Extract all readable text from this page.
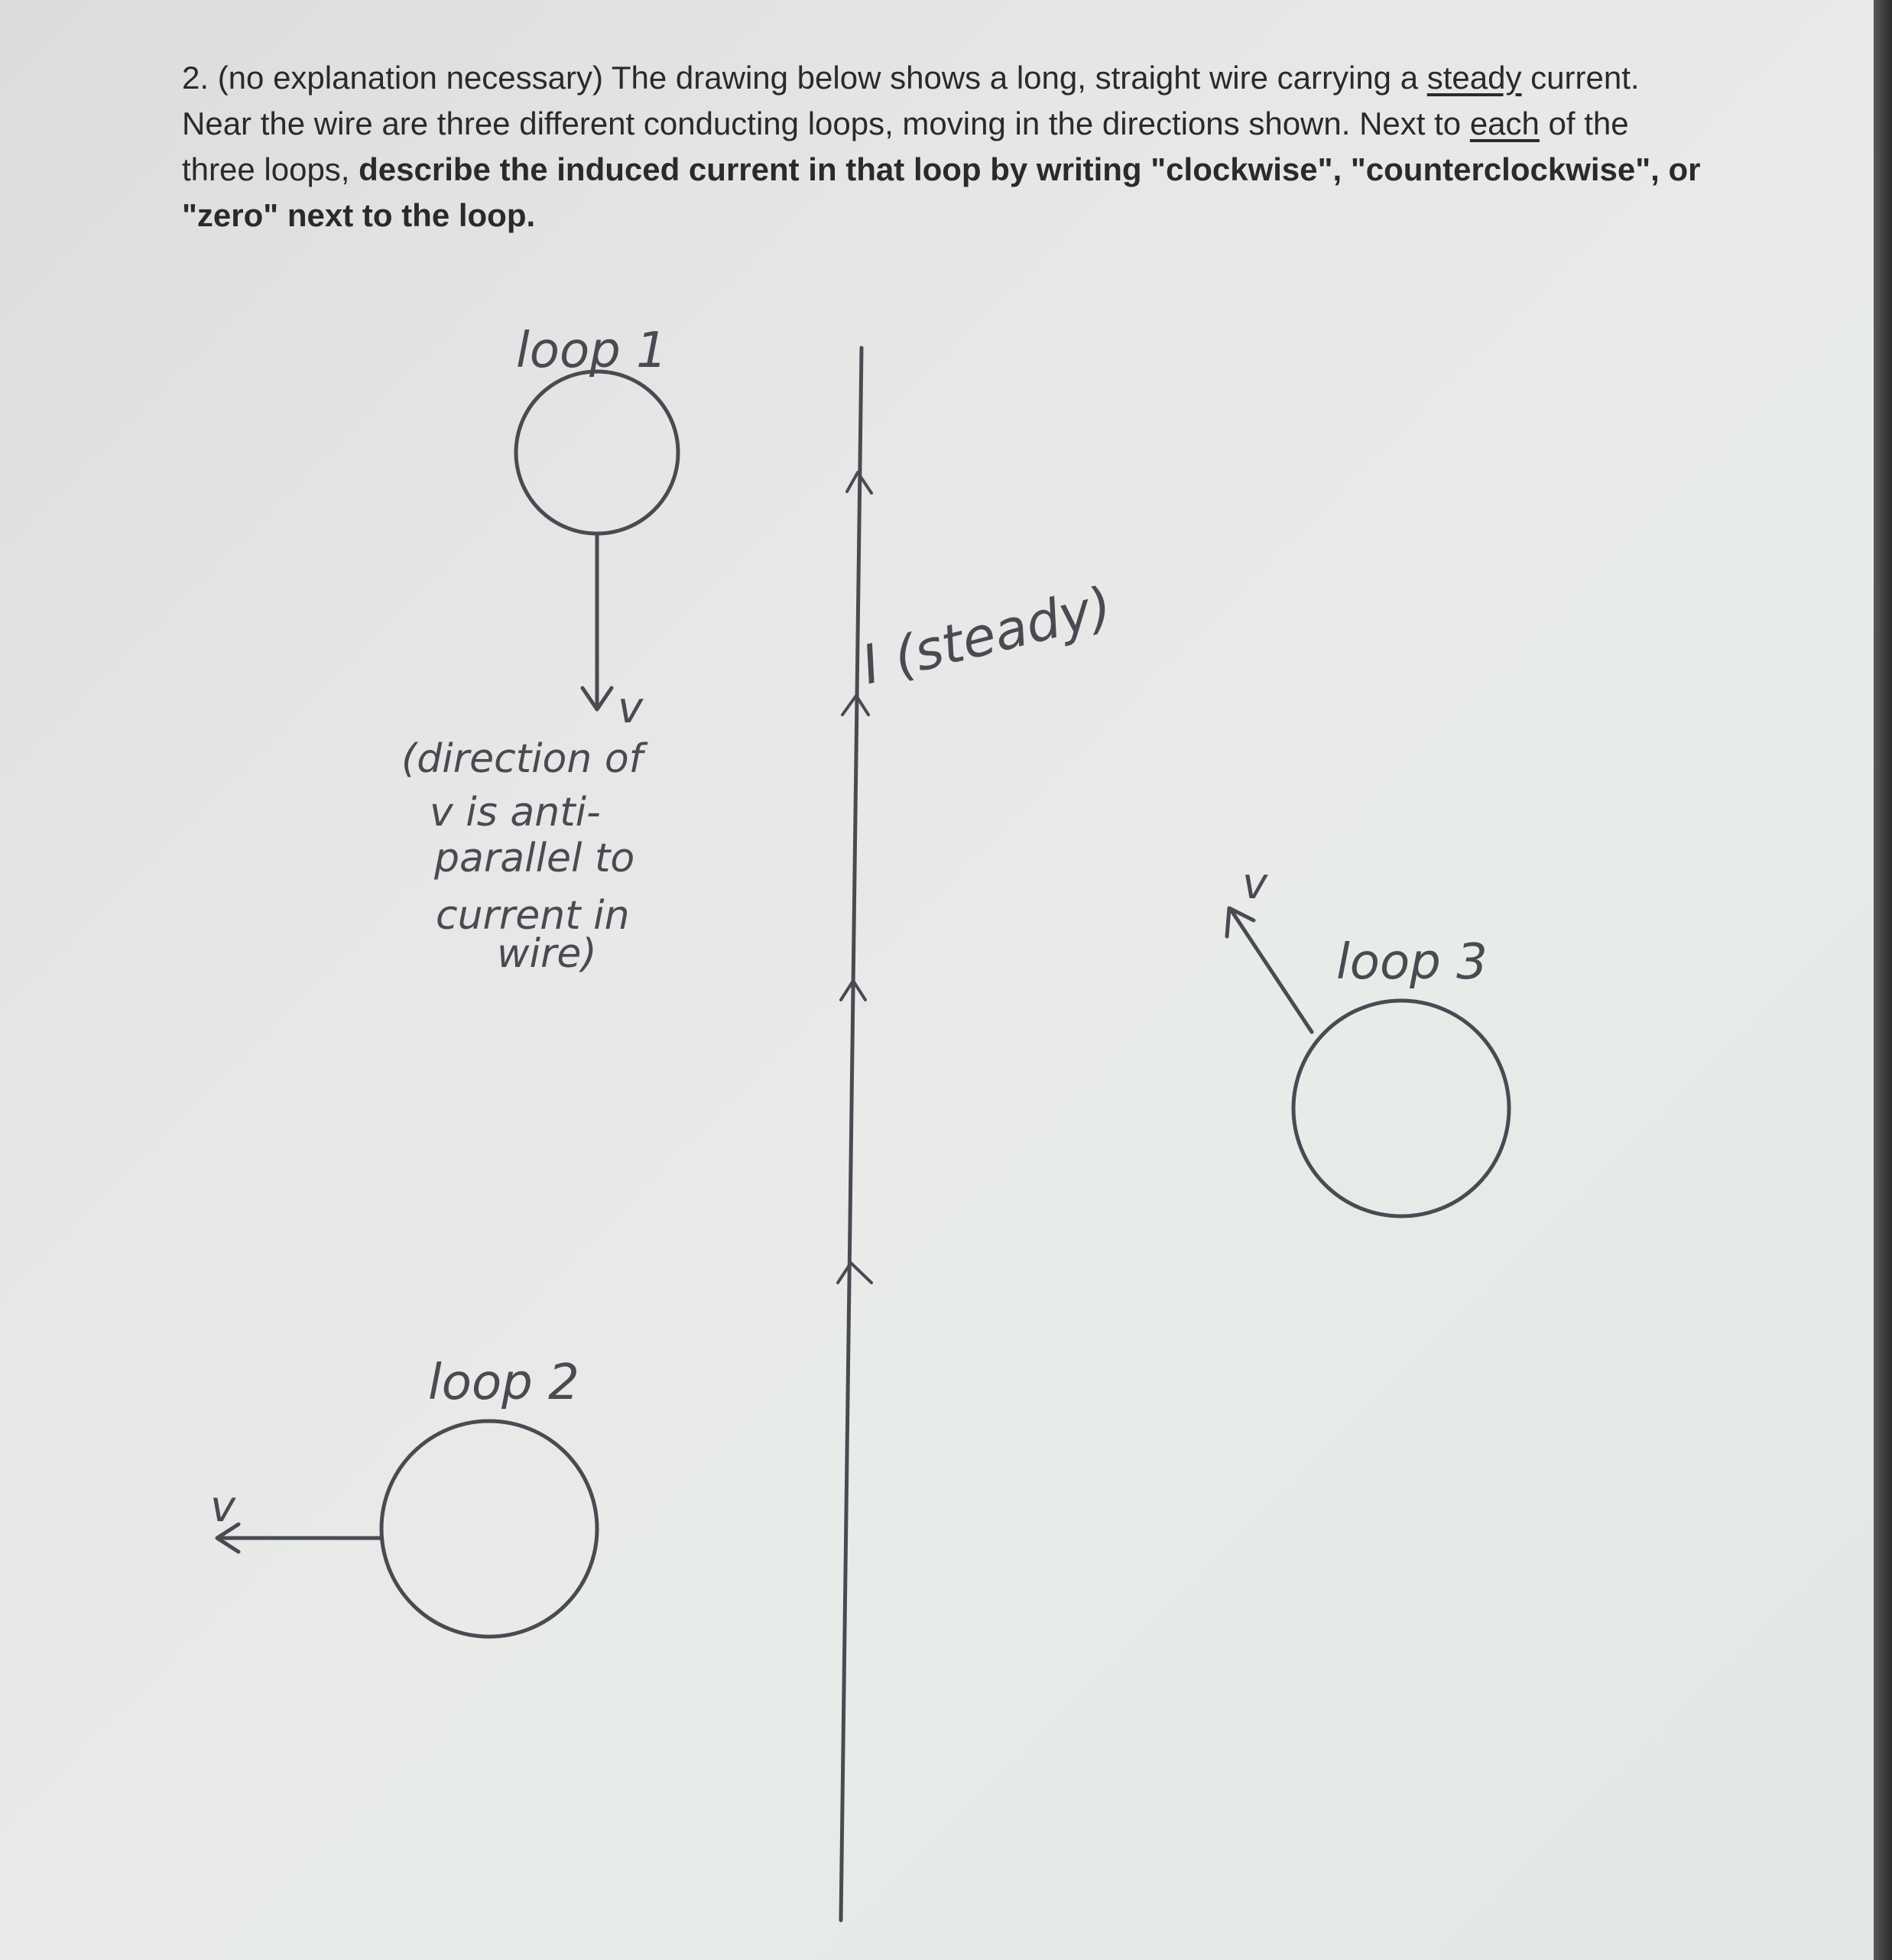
2. (no explanation necessary) The drawing below shows a long, straight wire carrying a steady current. Near the wire are three different conducting loops, moving in the directions shown. Next to each of the three loops, describe the induced current in that loop by writing "clockwise", "counterclockwise", or "zero" next to the loop.

I (steady)
loop 1
v
(direction of
v is anti-
parallel to
current in
wire)
loop 2
v
loop 3
v
